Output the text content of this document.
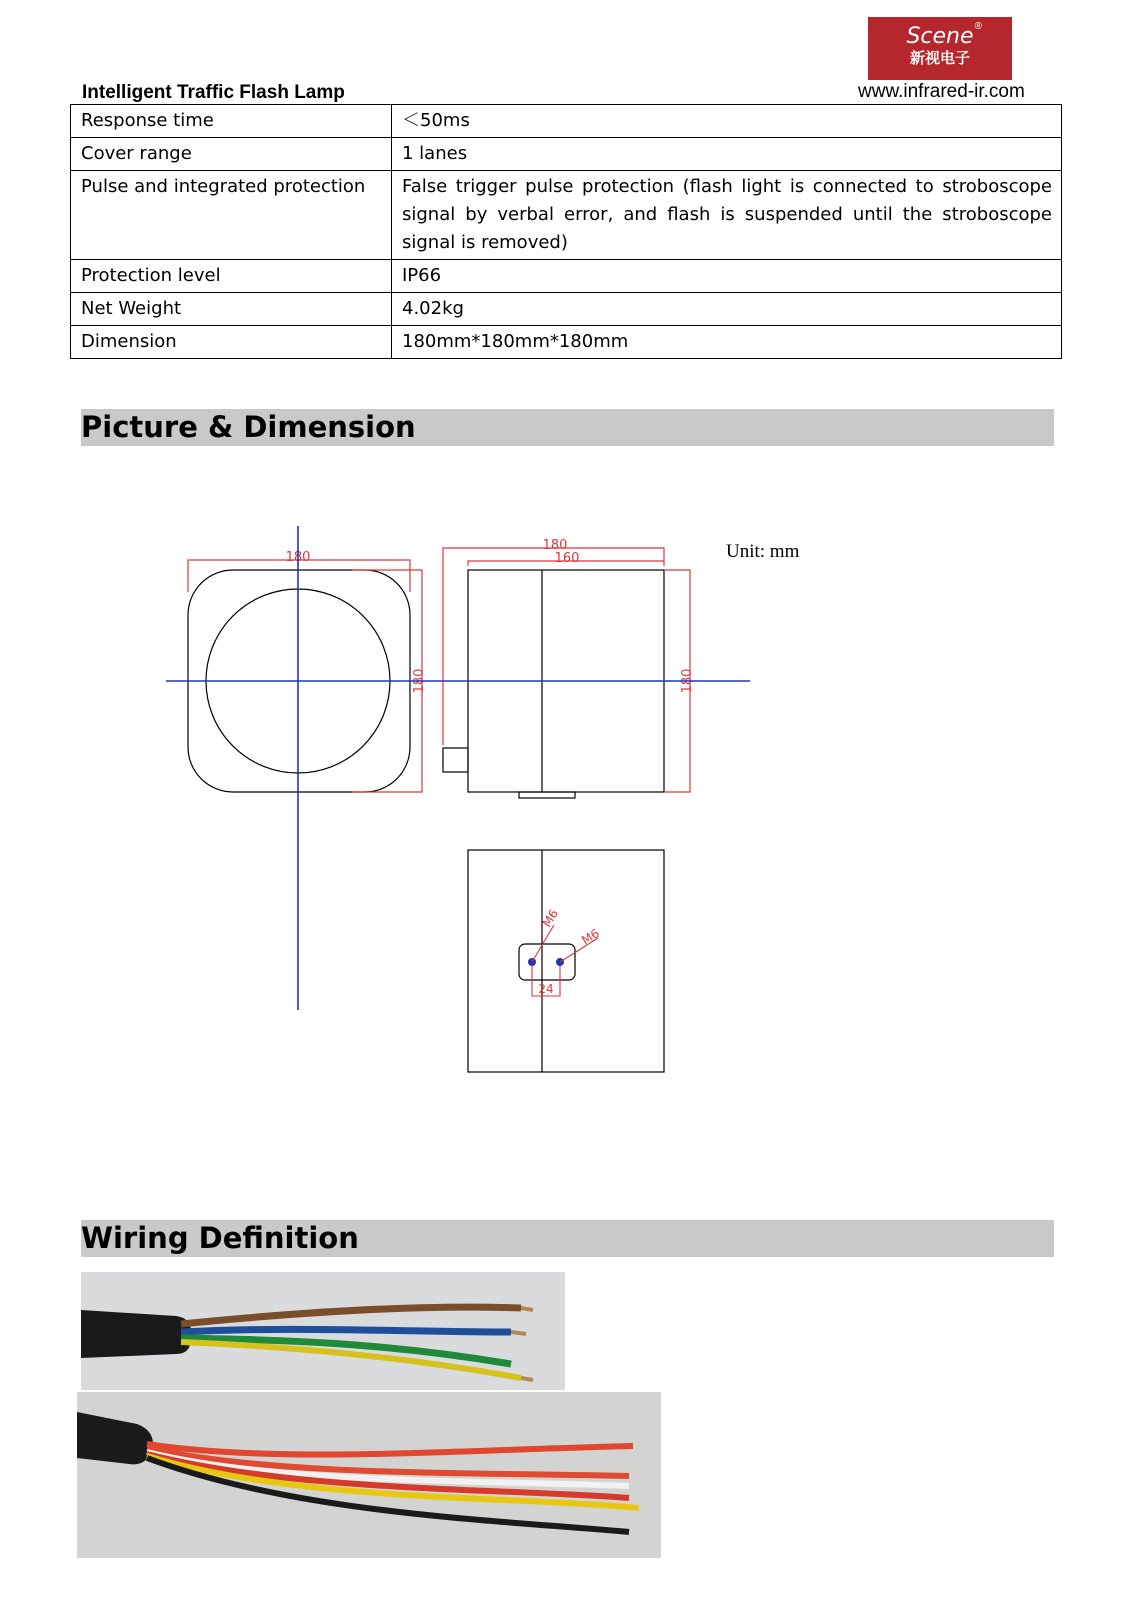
Scene ®
新视电子
www.infrared-ir.com
Intelligent Traffic Flash Lamp
Response time	＜50ms
Cover range	1 lanes
Pulse and integrated protection	False trigger pulse protection (flash light is connected to stroboscope signal by verbal error, and flash is suspended until the stroboscope signal is removed)
Protection level	IP66
Net Weight	4.02kg
Dimension	180mm*180mm*180mm
Picture & Dimension
180
180
180
160
180
M6
M6
24
Unit: mm
Wiring Definition
